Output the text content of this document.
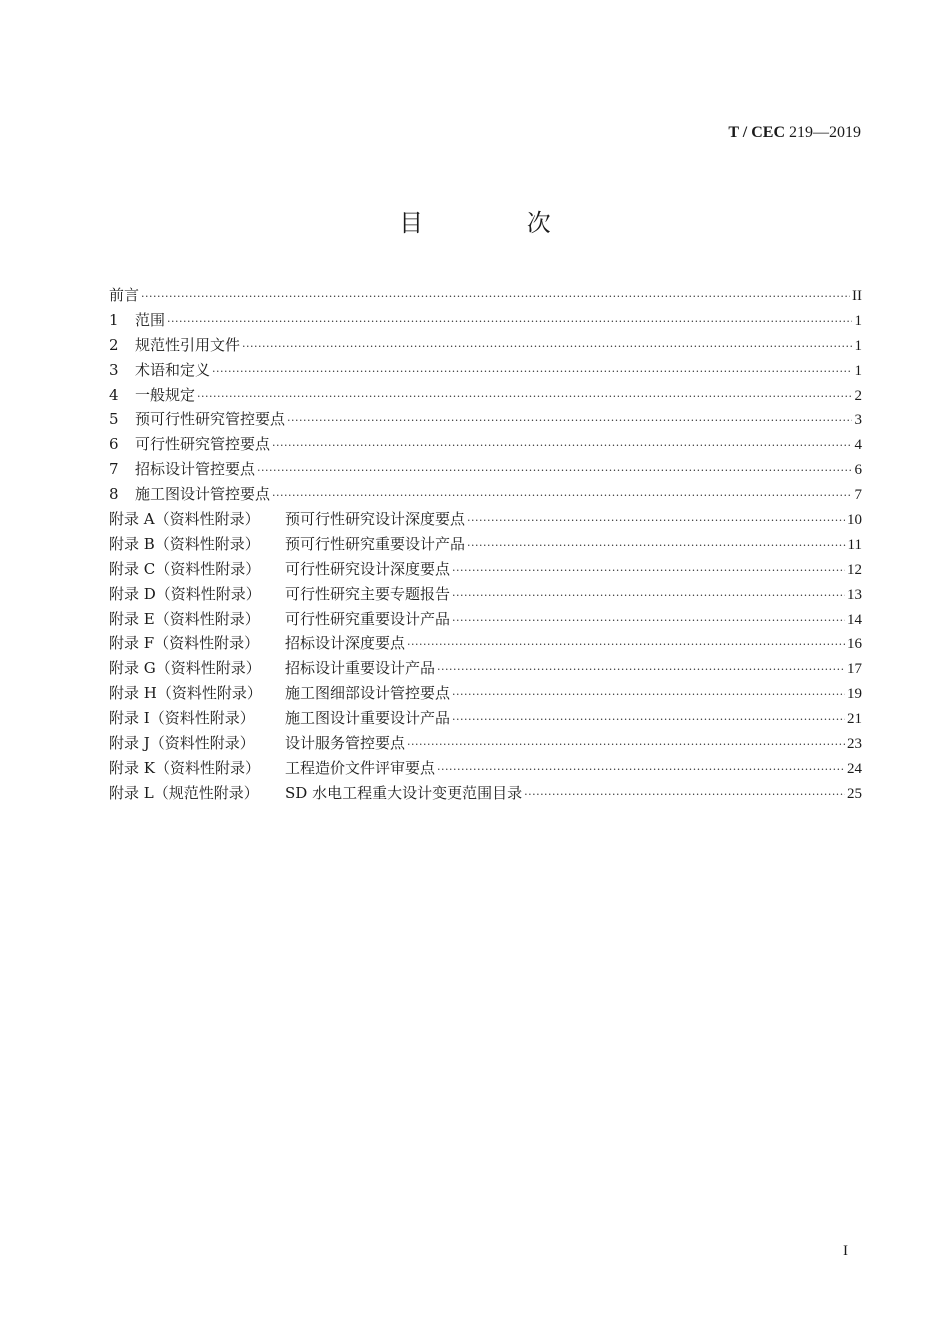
T / CEC 219—2019
目 次
前言 ·····	II
1	范围 ·····	1
2	规范性引用文件 ·····	1
3	术语和定义 ·····	1
4	一般规定 ·····	2
5	预可行性研究管控要点 ·····	3
6	可行性研究管控要点 ·····	4
7	招标设计管控要点 ·····	6
8	施工图设计管控要点 ·····	7
附录 A（资料性附录）	预可行性研究设计深度要点 ·····	10
附录 B（资料性附录）	预可行性研究重要设计产品 ·····	11
附录 C（资料性附录）	可行性研究设计深度要点 ·····	12
附录 D（资料性附录）	可行性研究主要专题报告 ·····	13
附录 E（资料性附录）	可行性研究重要设计产品 ·····	14
附录 F（资料性附录）	招标设计深度要点 ·····	16
附录 G（资料性附录）	招标设计重要设计产品 ·····	17
附录 H（资料性附录）	施工图细部设计管控要点 ·····	19
附录 I（资料性附录）	施工图设计重要设计产品 ·····	21
附录 J（资料性附录）	设计服务管控要点 ·····	23
附录 K（资料性附录）	工程造价文件评审要点 ·····	24
附录 L（规范性附录）	SD 水电工程重大设计变更范围目录 ·····	25
I
